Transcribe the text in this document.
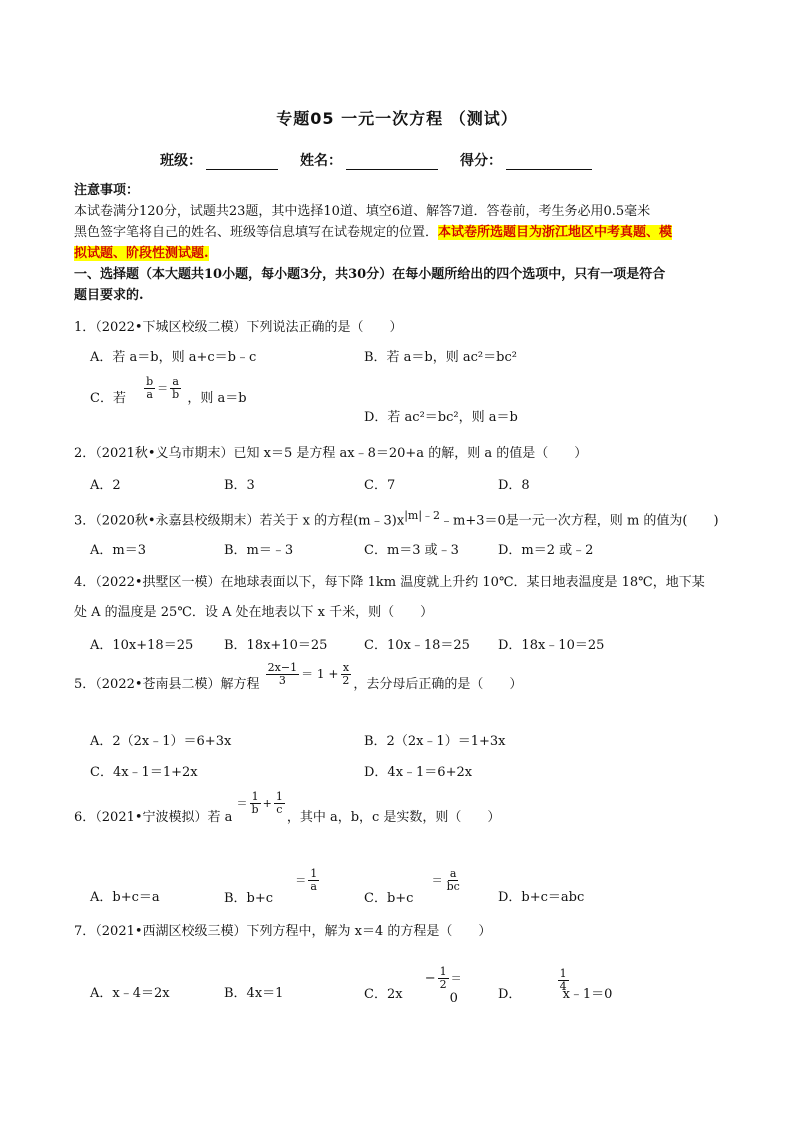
专题05 一元一次方程 （测试）
班级：	姓名：	得分：
注意事项：
本试卷满分120分，试题共23题，其中选择10道、填空6道、解答7道．答卷前，考生务必用0.5毫米
黑色签字笔将自己的姓名、班级等信息填写在试卷规定的位置．本试卷所选题目为浙江地区中考真题、模
拟试题、阶段性测试题.
一、选择题（本大题共10小题，每小题3分，共30分）在每小题所给出的四个选项中，只有一项是符合
题目要求的.
1．（2022•下城区校级二模）下列说法正确的是（　　）
A．若 a＝b，则 a+c＝b﹣c	B．若 a＝b，则 ac²＝bc²
C．若 $\frac{b}{a} ^= \frac{a}{b}$ ，则 a＝b
D．若 ac²＝bc²，则 a＝b
2．（2021秋•义乌市期末）已知 x＝5 是方程 ax﹣8＝20+a 的解，则 a 的值是（　　）
A．2	B．3	C．7	D．8
3．（2020秋•永嘉县校级期末）若关于 x 的方程$(m﹣3)x^{|m|﹣2}﹣m+3=0$是一元一次方程，则 m 的值为(　　)
A．m＝3	B．m＝﹣3	C．m＝3 或﹣3	D．m＝2 或﹣2
4．（2022•拱墅区一模）在地球表面以下，每下降 1km 温度就上升约 10℃．某日地表温度是 18℃，地下某
处 A 的温度是 25℃．设 A 处在地表以下 x 千米，则（　　）
A．10x+18＝25 B．18x+10＝25	C．10x﹣18＝25 D．18x﹣10＝25
5．（2022•苍南县二模）解方程 $\frac{2x-1}{3} = 1 + \frac{x}{2}$ ，去分母后正确的是（　　）
A．2（2x﹣1）＝6+3x	B．2（2x﹣1）＝1+3x
C．4x﹣1＝1+2x	D．4x﹣1＝6+2x
6．（2021•宁波模拟）若 a $^= \frac{1}{b} ^+ \frac{1}{c}$
，其中 a，b，c 是实数，则（　　）
A．b+c＝a	B．b+c $^= \frac{1}{a}$
C．b+c $^= \frac{a}{bc}$
D．b+c＝abc
7．（2021•西湖区校级三模）下列方程中，解为 x＝4 的方程是（　　）
A．x﹣4＝2x	B．4x＝1	C．$2x - \frac{1}{2} ^=0$	D．
$\frac{1}{4}$
x﹣1＝0
